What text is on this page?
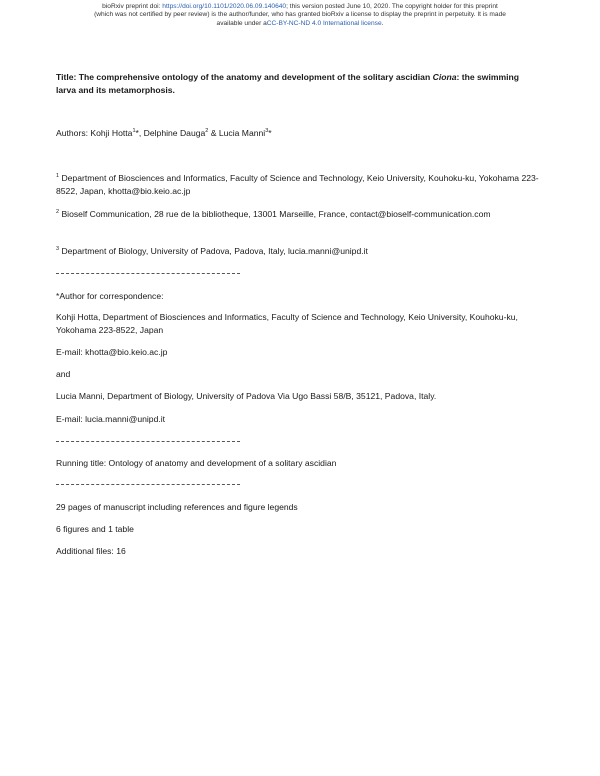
bioRxiv preprint doi: https://doi.org/10.1101/2020.06.09.140640; this version posted June 10, 2020. The copyright holder for this preprint
(which was not certified by peer review) is the author/funder, who has granted bioRxiv a license to display the preprint in perpetuity. It is made
available under aCC-BY-NC-ND 4.0 International license.

Title: The comprehensive ontology of the anatomy and development of the solitary ascidian Ciona: the swimming larva and its metamorphosis.

Authors: Kohji Hotta$^1$*, Delphine Dauga$^2$ & Lucia Manni$^3$*

$^1$ Department of Biosciences and Informatics, Faculty of Science and Technology, Keio University, Kouhoku-ku, Yokohama 223-8522, Japan, khotta@bio.keio.ac.jp

$^2$ Bioself Communication, 28 rue de la bibliotheque, 13001 Marseille, France, contact@bioself-communication.com

$^3$ Department of Biology, University of Padova, Padova, Italy, lucia.manni@unipd.it

*Author for correspondence:

Kohji Hotta, Department of Biosciences and Informatics, Faculty of Science and Technology, Keio University, Kouhoku-ku, Yokohama 223-8522, Japan

E-mail: khotta@bio.keio.ac.jp

and

Lucia Manni, Department of Biology, University of Padova Via Ugo Bassi 58/B, 35121, Padova, Italy.

E-mail: lucia.manni@unipd.it

Running title: Ontology of anatomy and development of a solitary ascidian

29 pages of manuscript including references and figure legends

6 figures and 1 table

Additional files: 16
